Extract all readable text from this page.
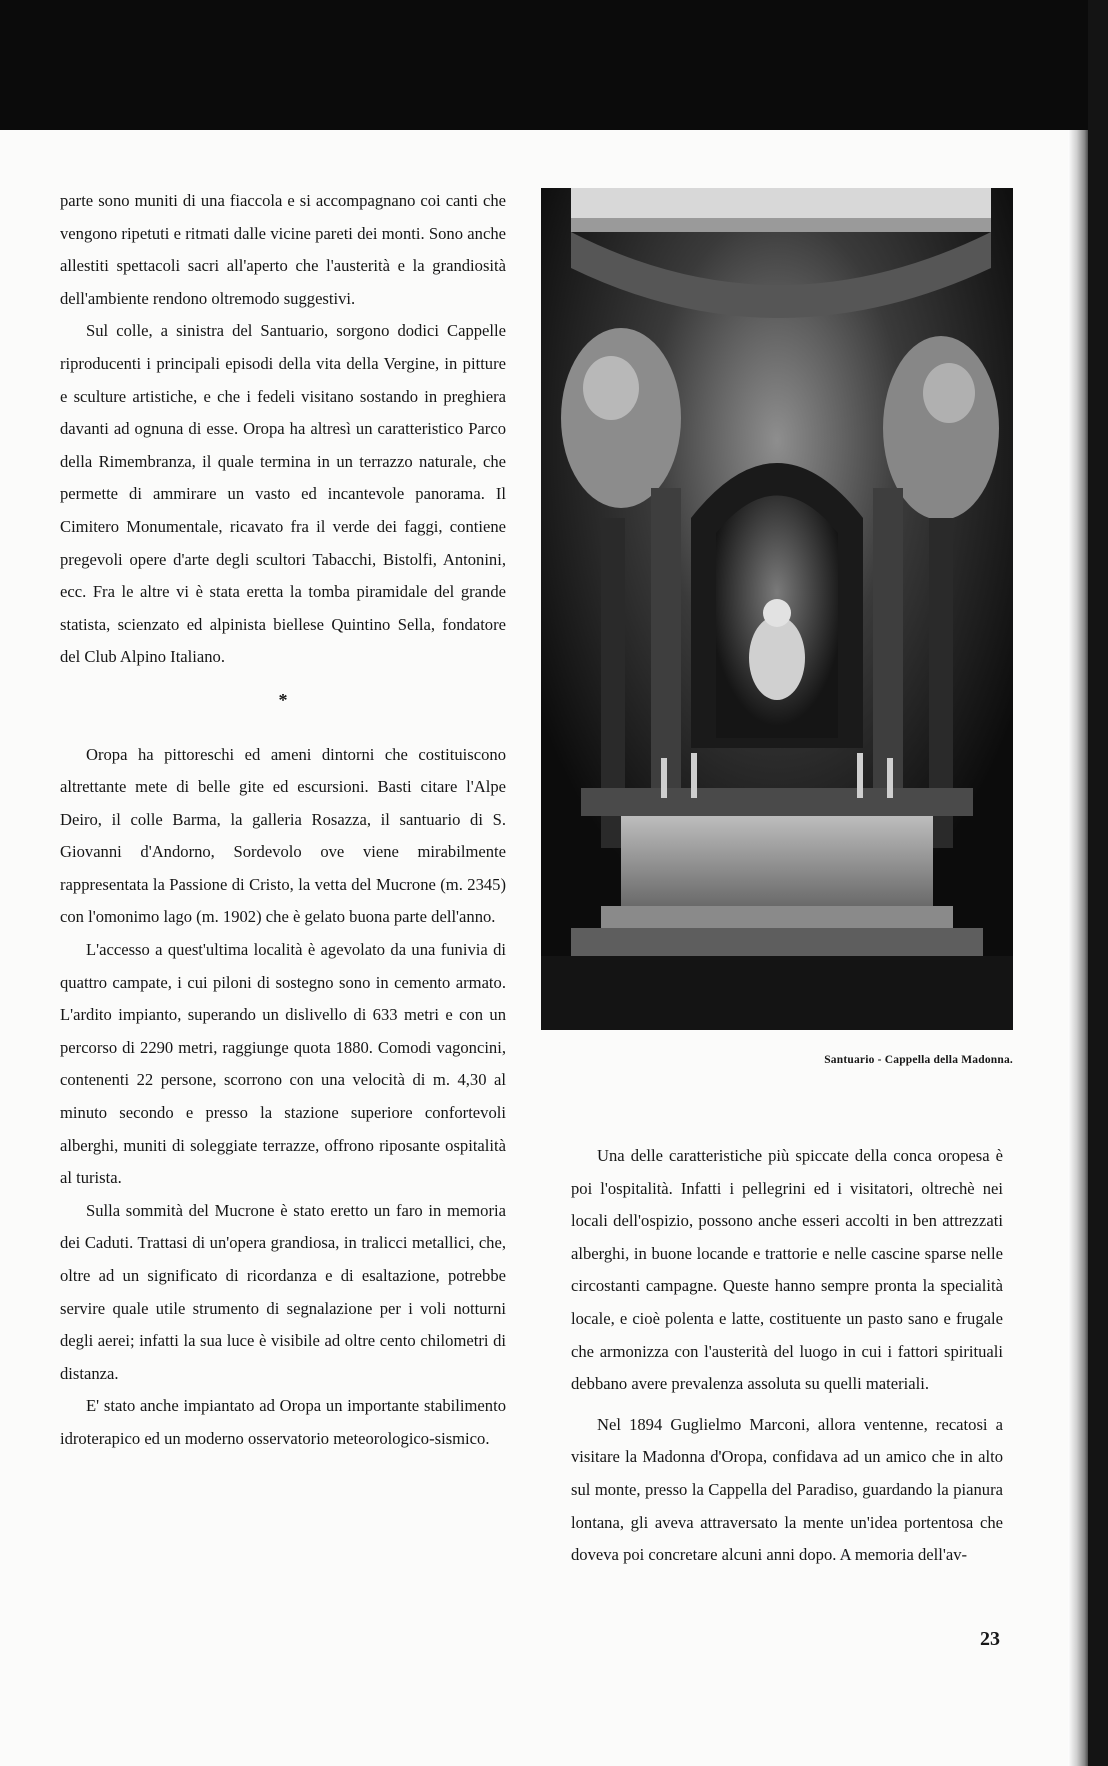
parte sono muniti di una fiaccola e si accompagnano coi canti che vengono ripetuti e ritmati dalle vicine pareti dei monti. Sono anche allestiti spettacoli sacri all'aperto che l'austerità e la grandiosità dell'ambiente rendono oltremodo suggestivi.

Sul colle, a sinistra del Santuario, sorgono dodici Cappelle riproducenti i principali episodi della vita della Vergine, in pitture e sculture artistiche, e che i fedeli visitano sostando in preghiera davanti ad ognuna di esse. Oropa ha altresì un caratteristico Parco della Rimembranza, il quale termina in un terrazzo naturale, che permette di ammirare un vasto ed incantevole panorama. Il Cimitero Monumentale, ricavato fra il verde dei faggi, contiene pregevoli opere d'arte degli scultori Tabacchi, Bistolfi, Antonini, ecc. Fra le altre vi è stata eretta la tomba piramidale del grande statista, scienzato ed alpinista biellese Quintino Sella, fondatore del Club Alpino Italiano.

*

Oropa ha pittoreschi ed ameni dintorni che costituiscono altrettante mete di belle gite ed escursioni. Basti citare l'Alpe Deiro, il colle Barma, la galleria Rosazza, il santuario di S. Giovanni d'Andorno, Sordevolo ove viene mirabilmente rappresentata la Passione di Cristo, la vetta del Mucrone (m. 2345) con l'omonimo lago (m. 1902) che è gelato buona parte dell'anno.

L'accesso a quest'ultima località è agevolato da una funivia di quattro campate, i cui piloni di sostegno sono in cemento armato. L'ardito impianto, superando un dislivello di 633 metri e con un percorso di 2290 metri, raggiunge quota 1880. Comodi vagoncini, contenenti 22 persone, scorrono con una velocità di m. 4,30 al minuto secondo e presso la stazione superiore confortevoli alberghi, muniti di soleggiate terrazze, offrono riposante ospitalità al turista.

Sulla sommità del Mucrone è stato eretto un faro in memoria dei Caduti. Trattasi di un'opera grandiosa, in tralicci metallici, che, oltre ad un significato di ricordanza e di esaltazione, potrebbe servire quale utile strumento di segnalazione per i voli notturni degli aerei; infatti la sua luce è visibile ad oltre cento chilometri di distanza.

E' stato anche impiantato ad Oropa un importante stabilimento idroterapico ed un moderno osservatorio meteorologico-sismico.

Santuario - Cappella della Madonna.

Una delle caratteristiche più spiccate della conca oropesa è poi l'ospitalità. Infatti i pellegrini ed i visitatori, oltrechè nei locali dell'ospizio, possono anche esseri accolti in ben attrezzati alberghi, in buone locande e trattorie e nelle cascine sparse nelle circostanti campagne. Queste hanno sempre pronta la specialità locale, e cioè polenta e latte, costituente un pasto sano e frugale che armonizza con l'austerità del luogo in cui i fattori spirituali debbano avere prevalenza assoluta su quelli materiali.

Nel 1894 Guglielmo Marconi, allora ventenne, recatosi a visitare la Madonna d'Oropa, confidava ad un amico che in alto sul monte, presso la Cappella del Paradiso, guardando la pianura lontana, gli aveva attraversato la mente un'idea portentosa che doveva poi concretare alcuni anni dopo. A memoria dell'av-

23
